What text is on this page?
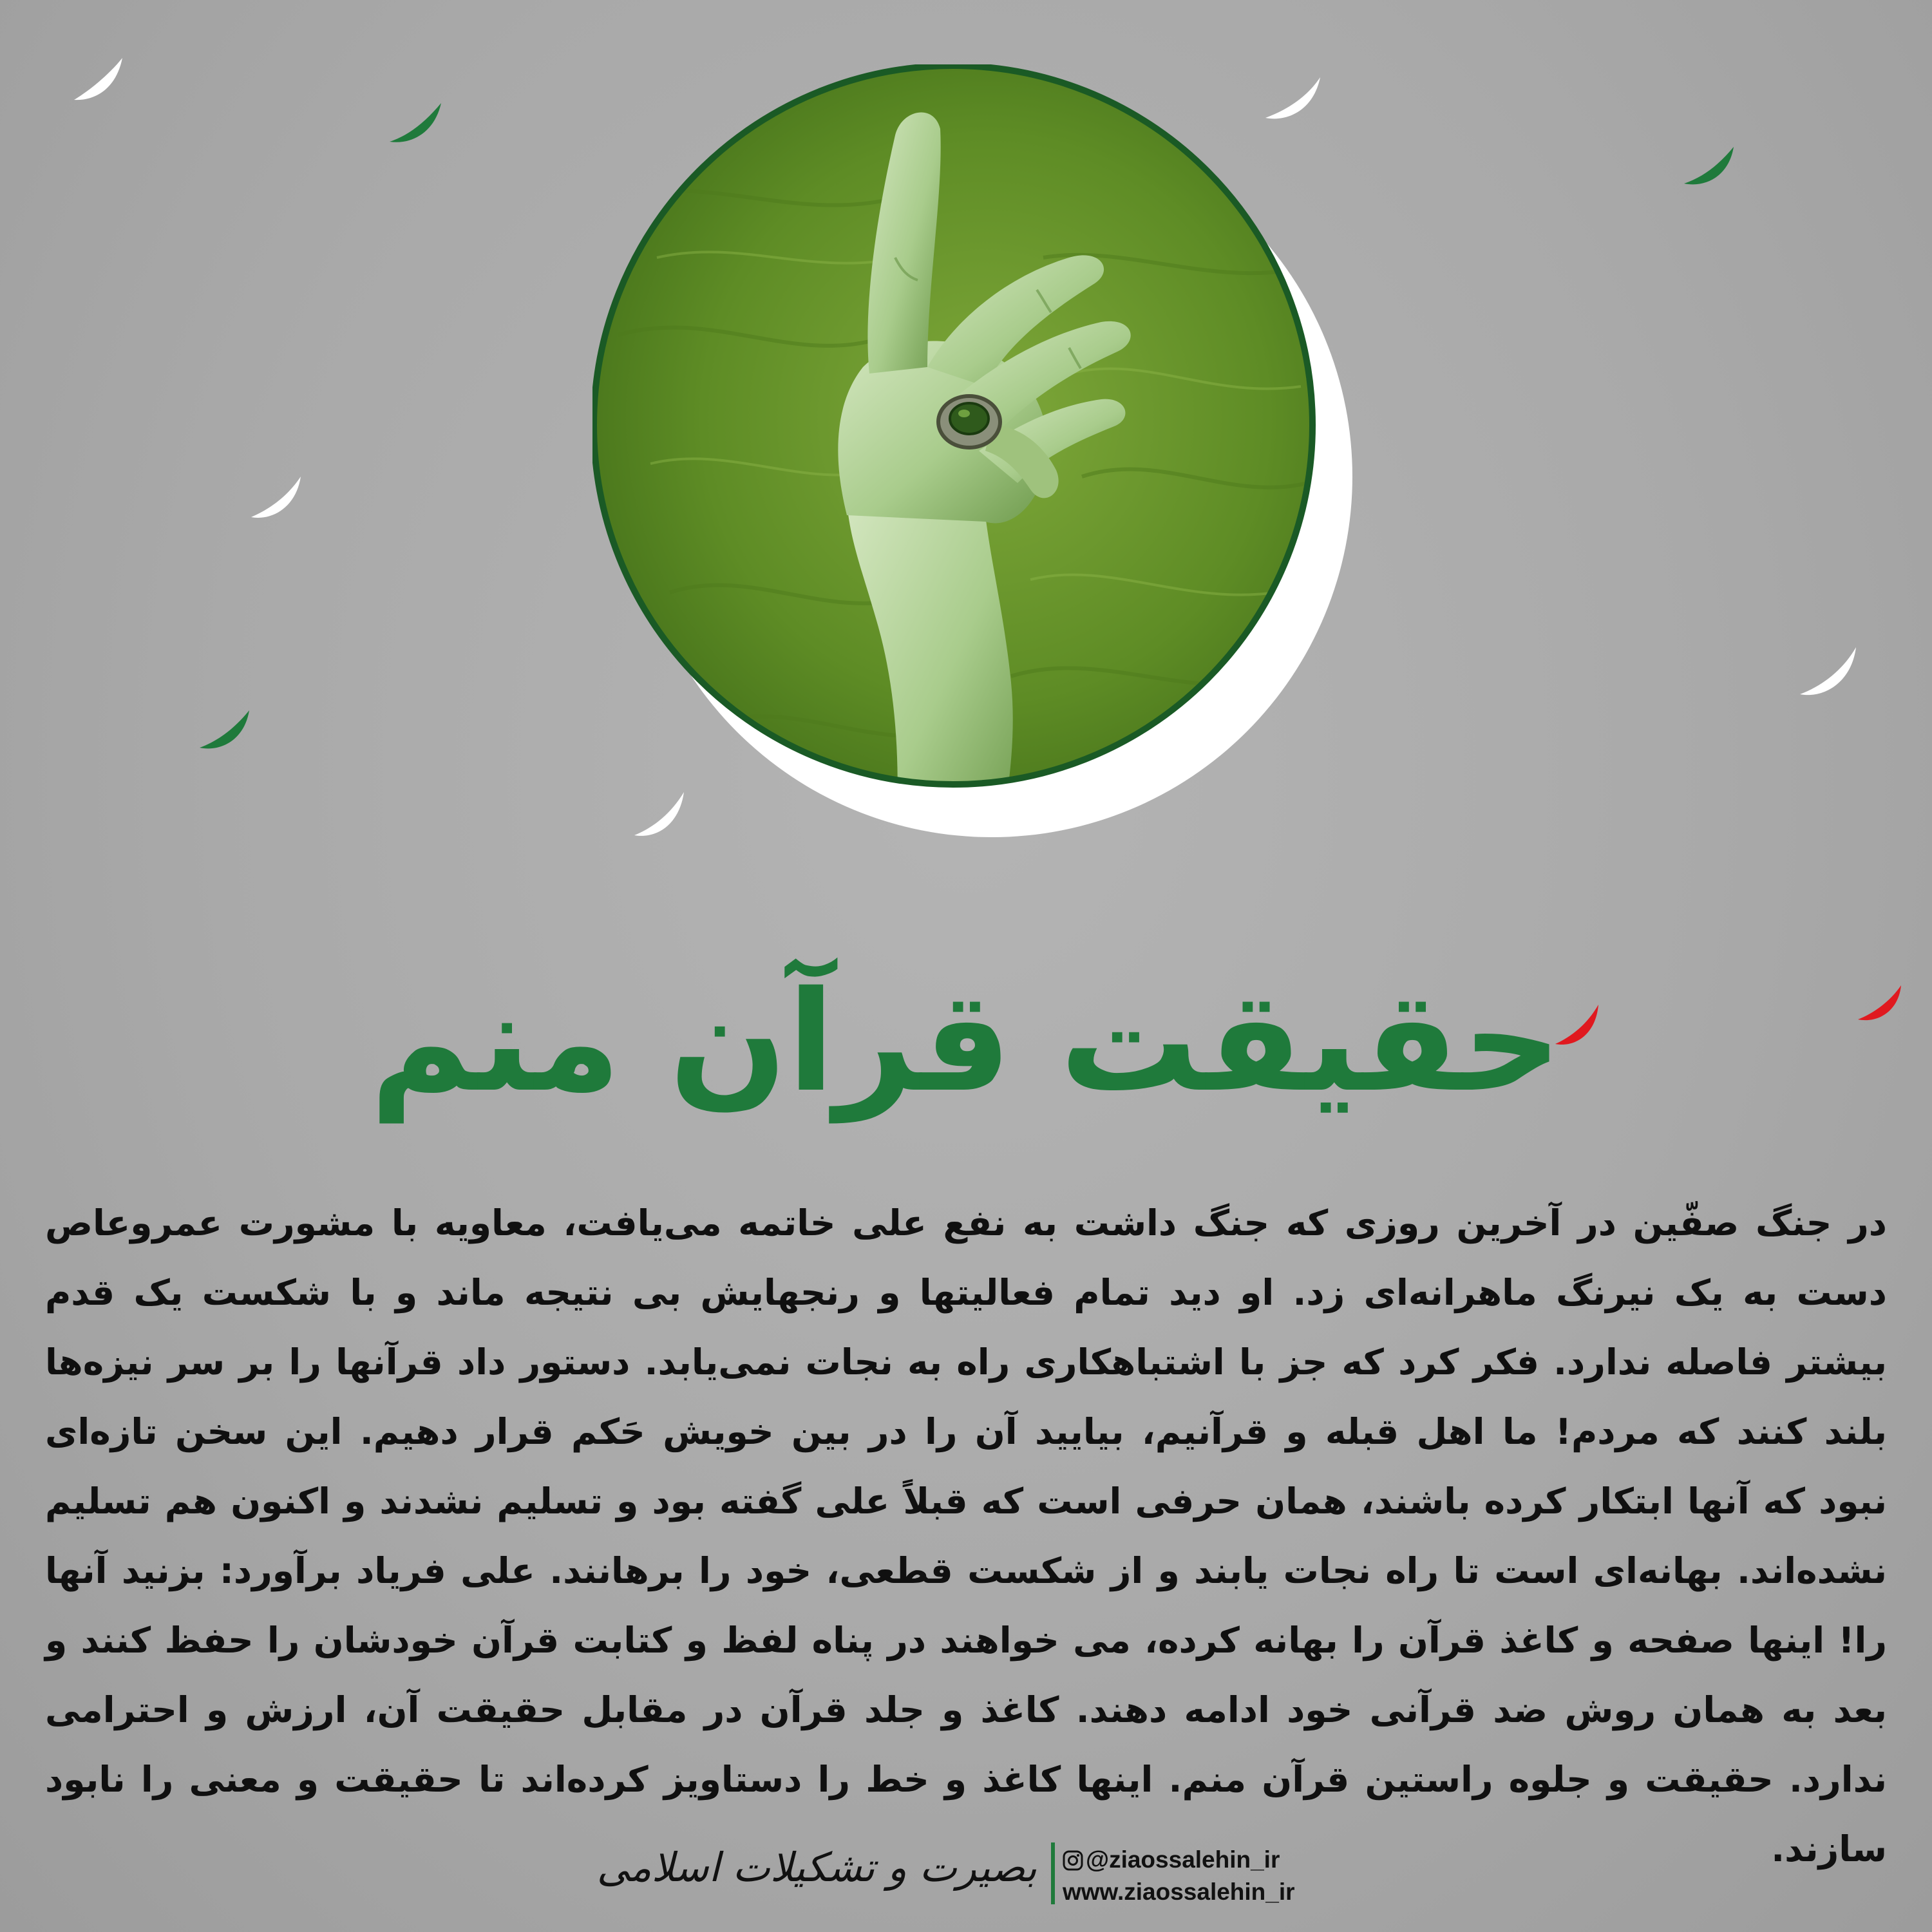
حقیقت قرآن منم
در جنگ صفّین در آخرین روزی که جنگ داشت به نفع علی خاتمه می‌یافت، معاویه با مشورت عمروعاص دست به یک نیرنگ ماهرانه‌ای زد. او دید تمام فعالیتها و رنجهایش بی نتیجه ماند و با شکست یک قدم بیشتر فاصله ندارد. فکر کرد که جز با اشتباهکاری راه به نجات نمی‌یابد. دستور داد قرآنها را بر سر نیزه‌ها بلند کنند که مردم! ما اهل قبله و قرآنیم، بیایید آن را در بین خویش حَکم قرار دهیم. این سخن تازه‌ای نبود که آنها ابتکار کرده باشند، همان حرفی است که قبلاً علی گفته بود و تسلیم نشدند و اکنون هم تسلیم نشده‌اند. بهانه‌ای است تا راه نجات یابند و از شکست قطعی، خود را برهانند. علی فریاد برآورد: بزنید آنها را! اینها صفحه و کاغذ قرآن را بهانه کرده، می خواهند در پناه لفظ و کتابت قرآن خودشان را حفظ کنند و بعد به همان روش ضد قرآنی خود ادامه دهند. کاغذ و جلد قرآن در مقابل حقیقت آن، ارزش و احترامی ندارد. حقیقت و جلوه راستین قرآن منم. اینها کاغذ و خط را دستاویز کرده‌اند تا حقیقت و معنی را نابود سازند.
بصیرت و تشکیلات اسلامی	@ziaossalehin_ir
www.ziaossalehin_ir
